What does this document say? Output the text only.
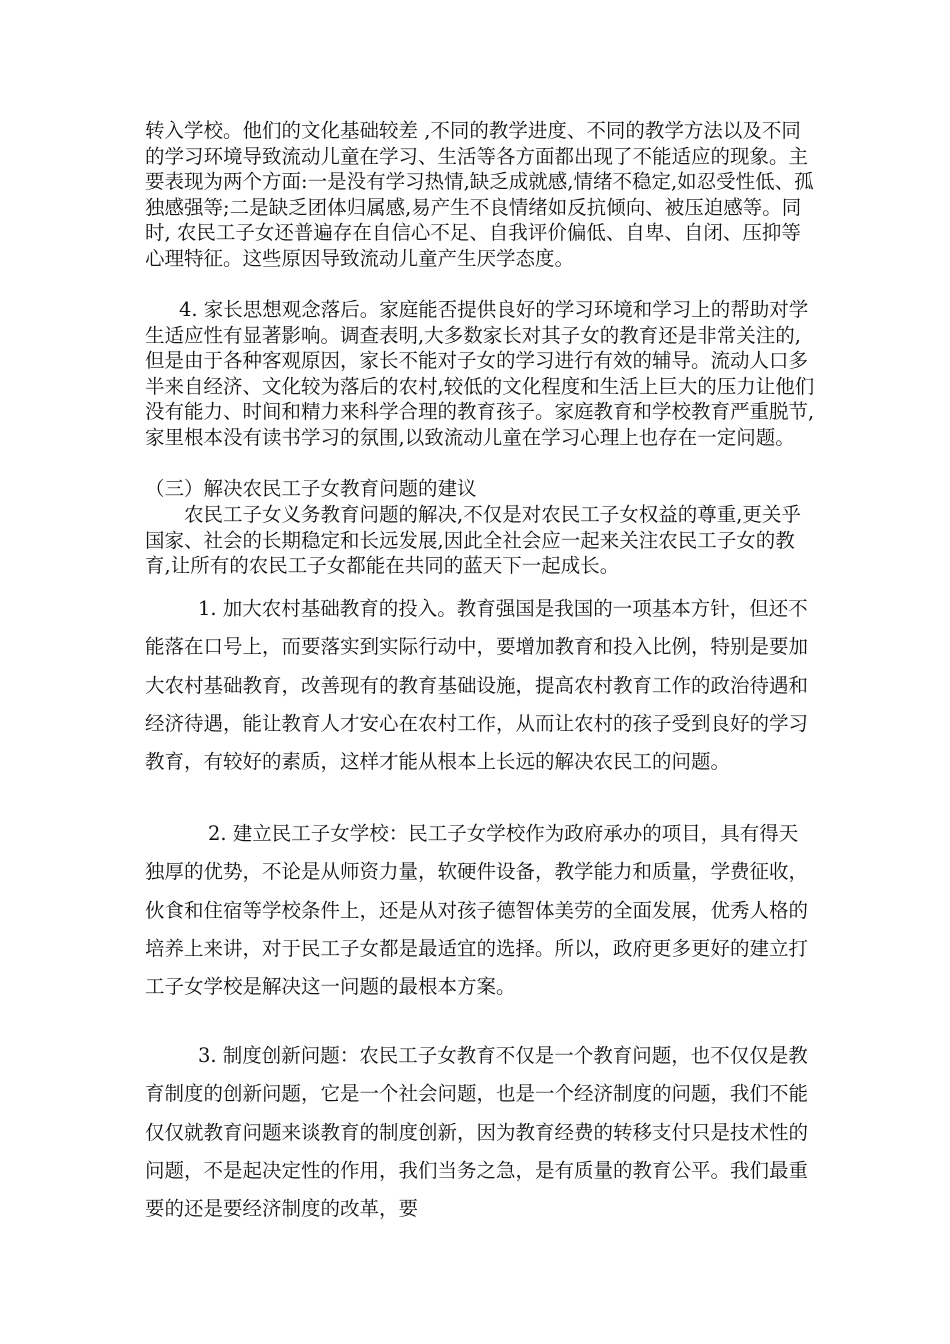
转入学校。他们的文化基础较差 ,不同的教学进度、不同的教学方法以及不同的学习环境导致流动儿童在学习、生活等各方面都出现了不能适应的现象。主要表现为两个方面:一是没有学习热情,缺乏成就感,情绪不稳定,如忍受性低、孤独感强等;二是缺乏团体归属感,易产生不良情绪如反抗倾向、被压迫感等。同时, 农民工子女还普遍存在自信心不足、自我评价偏低、自卑、自闭、压抑等心理特征。这些原因导致流动儿童产生厌学态度。

4. 家长思想观念落后。家庭能否提供良好的学习环境和学习上的帮助对学生适应性有显著影响。调查表明,大多数家长对其子女的教育还是非常关注的,但是由于各种客观原因，家长不能对子女的学习进行有效的辅导。流动人口多半来自经济、文化较为落后的农村,较低的文化程度和生活上巨大的压力让他们没有能力、时间和精力来科学合理的教育孩子。家庭教育和学校教育严重脱节,家里根本没有读书学习的氛围,以致流动儿童在学习心理上也存在一定问题。

（三）解决农民工子女教育问题的建议

农民工子女义务教育问题的解决,不仅是对农民工子女权益的尊重,更关乎国家、社会的长期稳定和长远发展,因此全社会应一起来关注农民工子女的教育,让所有的农民工子女都能在共同的蓝天下一起成长。

1. 加大农村基础教育的投入。教育强国是我国的一项基本方针，但还不能落在口号上，而要落实到实际行动中，要增加教育和投入比例，特别是要加大农村基础教育，改善现有的教育基础设施，提高农村教育工作的政治待遇和经济待遇，能让教育人才安心在农村工作，从而让农村的孩子受到良好的学习教育，有较好的素质，这样才能从根本上长远的解决农民工的问题。

2. 建立民工子女学校：民工子女学校作为政府承办的项目，具有得天独厚的优势，不论是从师资力量，软硬件设备，教学能力和质量，学费征收，伙食和住宿等学校条件上，还是从对孩子德智体美劳的全面发展，优秀人格的培养上来讲，对于民工子女都是最适宜的选择。所以，政府更多更好的建立打工子女学校是解决这一问题的最根本方案。

3. 制度创新问题：农民工子女教育不仅是一个教育问题，也不仅仅是教育制度的创新问题，它是一个社会问题，也是一个经济制度的问题，我们不能仅仅就教育问题来谈教育的制度创新，因为教育经费的转移支付只是技术性的问题，不是起决定性的作用，我们当务之急，是有质量的教育公平。我们最重要的还是要经济制度的改革，要
